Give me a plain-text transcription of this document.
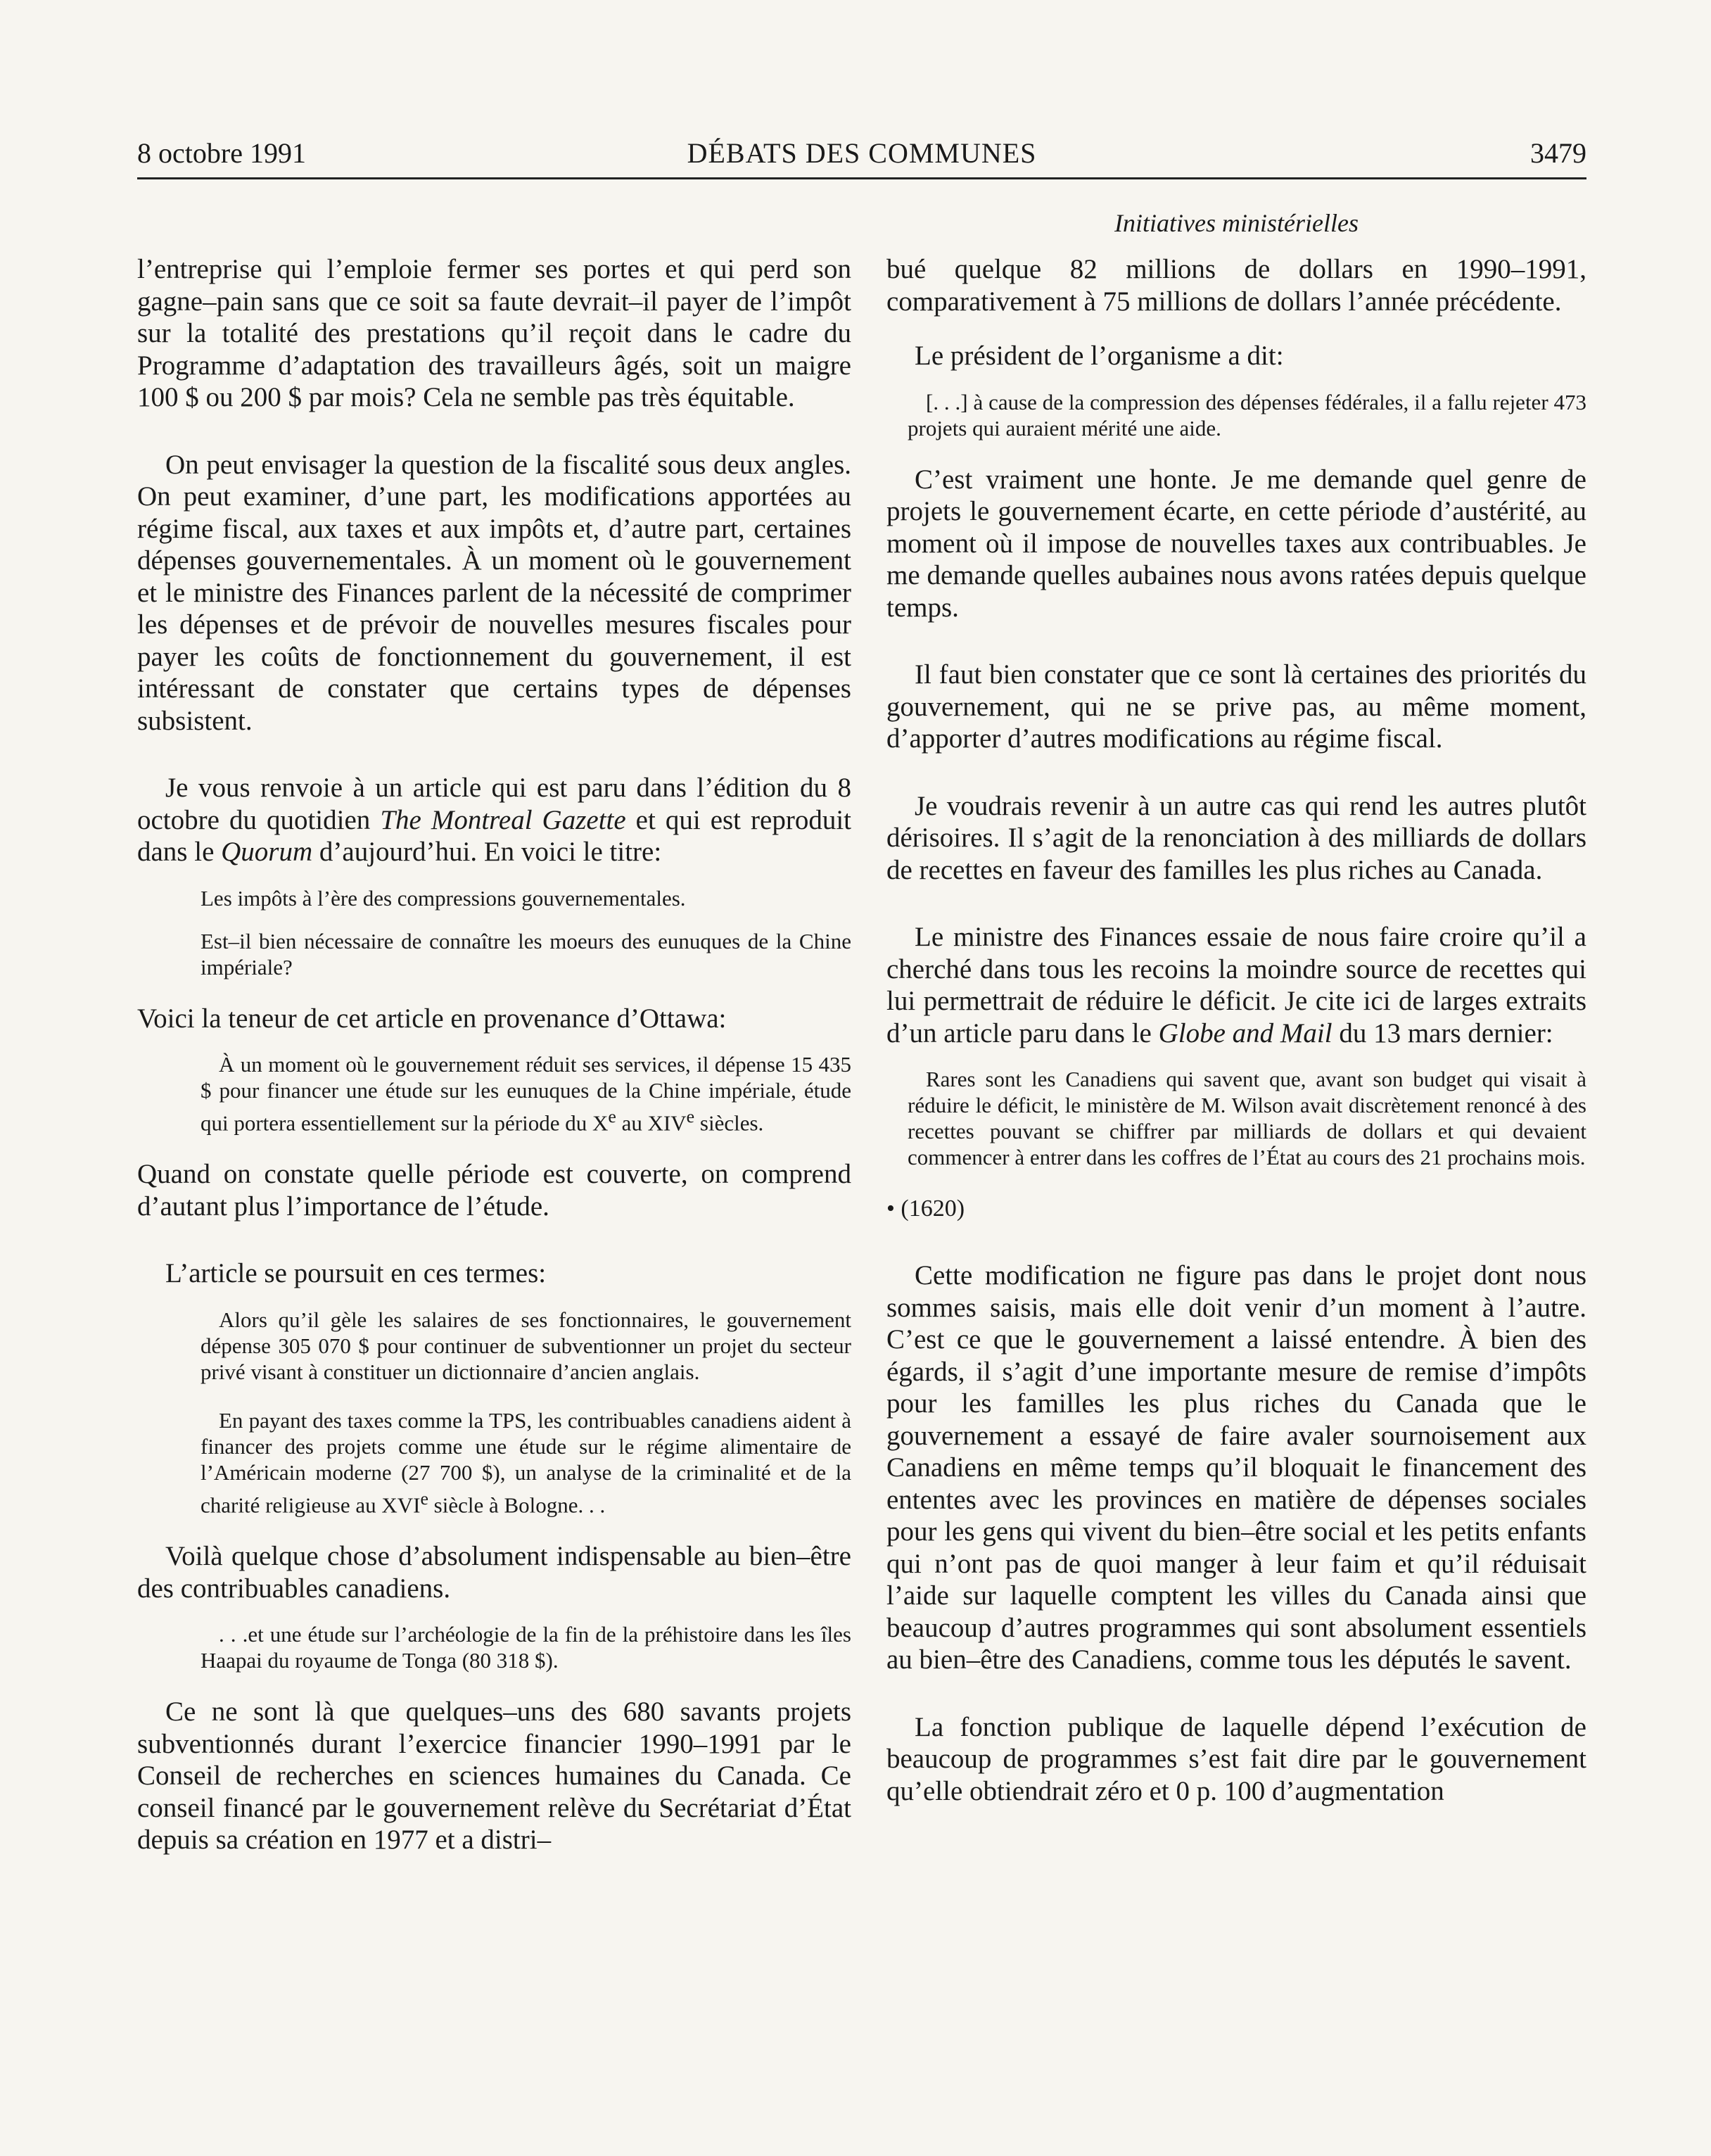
8 octobre 1991	DÉBATS DES COMMUNES	3479
Initiatives ministérielles

l’entreprise qui l’emploie fermer ses portes et qui perd son gagne–pain sans que ce soit sa faute devrait–il payer de l’impôt sur la totalité des prestations qu’il reçoit dans le cadre du Programme d’adaptation des travailleurs âgés, soit un maigre 100 $ ou 200 $ par mois? Cela ne semble pas très équitable.

On peut envisager la question de la fiscalité sous deux angles. On peut examiner, d’une part, les modifications apportées au régime fiscal, aux taxes et aux impôts et, d’autre part, certaines dépenses gouvernementales. À un moment où le gouvernement et le ministre des Finances parlent de la nécessité de comprimer les dépenses et de prévoir de nouvelles mesures fiscales pour payer les coûts de fonctionnement du gouvernement, il est intéressant de constater que certains types de dépenses subsistent.

Je vous renvoie à un article qui est paru dans l’édition du 8 octobre du quotidien The Montreal Gazette et qui est reproduit dans le Quorum d’aujourd’hui. En voici le titre:

Les impôts à l’ère des compressions gouvernementales.

Est–il bien nécessaire de connaître les moeurs des eunuques de la Chine impériale?

Voici la teneur de cet article en provenance d’Ottawa:

À un moment où le gouvernement réduit ses services, il dépense 15 435 $ pour financer une étude sur les eunuques de la Chine impériale, étude qui portera essentiellement sur la période du Xe au XIVe siècles.

Quand on constate quelle période est couverte, on comprend d’autant plus l’importance de l’étude.

L’article se poursuit en ces termes:

Alors qu’il gèle les salaires de ses fonctionnaires, le gouvernement dépense 305 070 $ pour continuer de subventionner un projet du secteur privé visant à constituer un dictionnaire d’ancien anglais.

En payant des taxes comme la TPS, les contribuables canadiens aident à financer des projets comme une étude sur le régime alimentaire de l’Américain moderne (27 700 $), un analyse de la criminalité et de la charité religieuse au XVIe siècle à Bologne. . .

Voilà quelque chose d’absolument indispensable au bien–être des contribuables canadiens.

. . .et une étude sur l’archéologie de la fin de la préhistoire dans les îles Haapai du royaume de Tonga (80 318 $).

Ce ne sont là que quelques–uns des 680 savants projets subventionnés durant l’exercice financier 1990–1991 par le Conseil de recherches en sciences humaines du Canada. Ce conseil financé par le gouvernement relève du Secrétariat d’État depuis sa création en 1977 et a distri–

bué quelque 82 millions de dollars en 1990–1991, comparativement à 75 millions de dollars l’année précédente.

Le président de l’organisme a dit:

[. . .] à cause de la compression des dépenses fédérales, il a fallu rejeter 473 projets qui auraient mérité une aide.

C’est vraiment une honte. Je me demande quel genre de projets le gouvernement écarte, en cette période d’austérité, au moment où il impose de nouvelles taxes aux contribuables. Je me demande quelles aubaines nous avons ratées depuis quelque temps.

Il faut bien constater que ce sont là certaines des priorités du gouvernement, qui ne se prive pas, au même moment, d’apporter d’autres modifications au régime fiscal.

Je voudrais revenir à un autre cas qui rend les autres plutôt dérisoires. Il s’agit de la renonciation à des milliards de dollars de recettes en faveur des familles les plus riches au Canada.

Le ministre des Finances essaie de nous faire croire qu’il a cherché dans tous les recoins la moindre source de recettes qui lui permettrait de réduire le déficit. Je cite ici de larges extraits d’un article paru dans le Globe and Mail du 13 mars dernier:

Rares sont les Canadiens qui savent que, avant son budget qui visait à réduire le déficit, le ministère de M. Wilson avait discrètement renoncé à des recettes pouvant se chiffrer par milliards de dollars et qui devaient commencer à entrer dans les coffres de l’État au cours des 21 prochains mois.

• (1620)

Cette modification ne figure pas dans le projet dont nous sommes saisis, mais elle doit venir d’un moment à l’autre. C’est ce que le gouvernement a laissé entendre. À bien des égards, il s’agit d’une importante mesure de remise d’impôts pour les familles les plus riches du Canada que le gouvernement a essayé de faire avaler sournoisement aux Canadiens en même temps qu’il bloquait le financement des ententes avec les provinces en matière de dépenses sociales pour les gens qui vivent du bien–être social et les petits enfants qui n’ont pas de quoi manger à leur faim et qu’il réduisait l’aide sur laquelle comptent les villes du Canada ainsi que beaucoup d’autres programmes qui sont absolument essentiels au bien–être des Canadiens, comme tous les députés le savent.

La fonction publique de laquelle dépend l’exécution de beaucoup de programmes s’est fait dire par le gouvernement qu’elle obtiendrait zéro et 0 p. 100 d’augmentation
